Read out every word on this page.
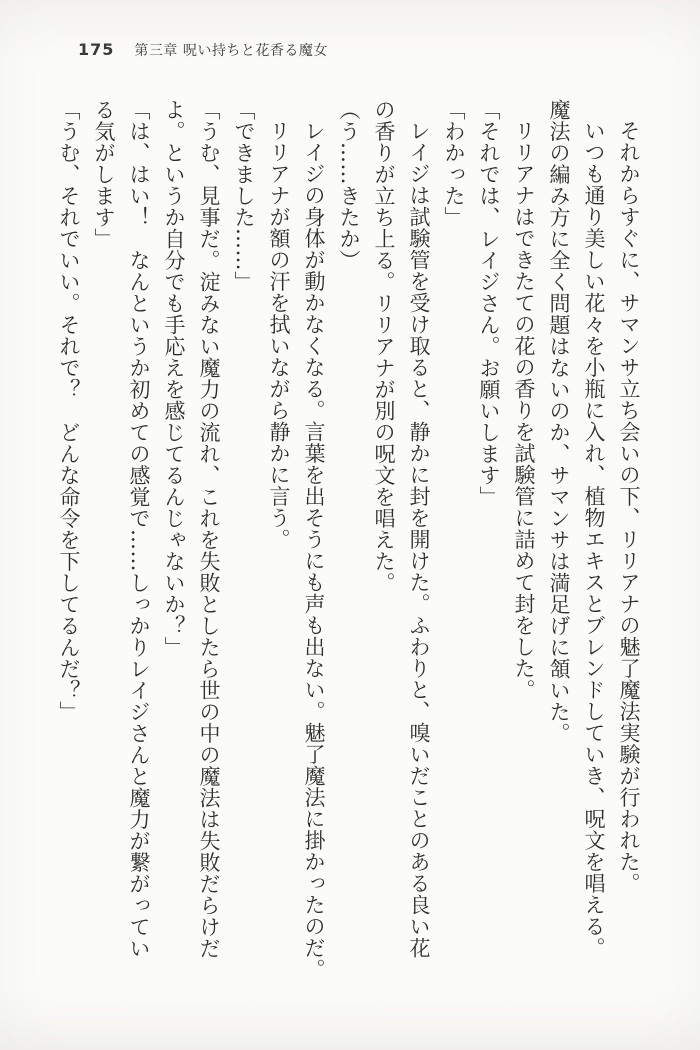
175 第三章 呪い持ちと花香る魔女
それからすぐに、サマンサ立ち会いの下、リリアナの魅了魔法実験が行われた。
いつも通り美しい花々を小瓶に入れ、植物エキスとブレンドしていき、呪文を唱える。
魔法の編み方に全く問題はないのか、サマンサは満足げに頷いた。
リリアナはできたての花の香りを試験管に詰めて封をした。
「それでは、レイジさん。お願いします」
「わかった」
レイジは試験管を受け取ると、静かに封を開けた。ふわりと、嗅いだことのある良い花
の香りが立ち上る。リリアナが別の呪文を唱えた。
（う……きたか）
レイジの身体が動かなくなる。言葉を出そうにも声も出ない。魅了魔法に掛かったのだ。
リリアナが額の汗を拭いながら静かに言う。
「できました……」
「うむ、見事だ。淀みない魔力の流れ、これを失敗としたら世の中の魔法は失敗だらけだ
よ。というか自分でも手応えを感じてるんじゃないか？」
「は、はい！　なんというか初めての感覚で……しっかりレイジさんと魔力が繋がってい
る気がします」
「うむ、それでいい。それで？　どんな命令を下してるんだ？」
